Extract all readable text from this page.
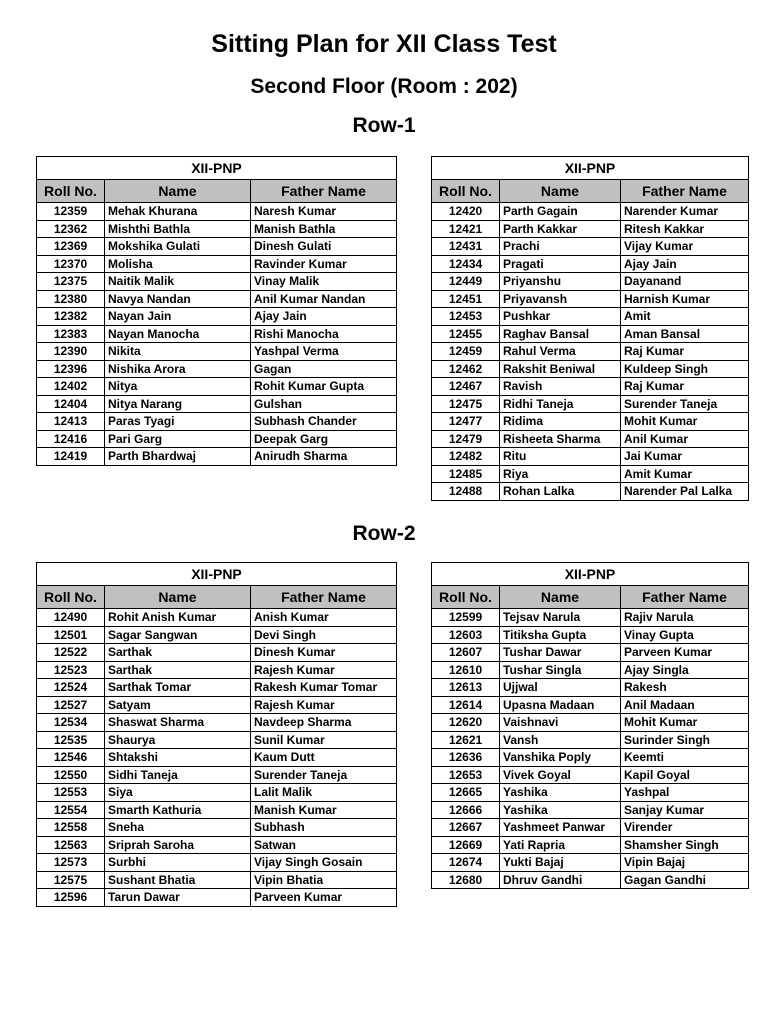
Sitting Plan for XII Class Test
Second Floor (Room : 202)
Row-1
Row-2
XII-PNP		
Roll No.	Name	Father Name
12359	Mehak Khurana	Naresh Kumar
12362	Mishthi Bathla	Manish Bathla
12369	Mokshika Gulati	Dinesh Gulati
12370	Molisha	Ravinder Kumar
12375	Naitik Malik	Vinay Malik
12380	Navya Nandan	Anil Kumar Nandan
12382	Nayan Jain	Ajay Jain
12383	Nayan Manocha	Rishi Manocha
12390	Nikita	Yashpal Verma
12396	Nishika Arora	Gagan
12402	Nitya	Rohit Kumar Gupta
12404	Nitya Narang	Gulshan
12413	Paras Tyagi	Subhash Chander
12416	Pari Garg	Deepak Garg
12419	Parth Bhardwaj	Anirudh Sharma
XII-PNP		
Roll No.	Name	Father Name
12420	Parth Gagain	Narender Kumar
12421	Parth Kakkar	Ritesh Kakkar
12431	Prachi	Vijay Kumar
12434	Pragati	Ajay Jain
12449	Priyanshu	Dayanand
12451	Priyavansh	Harnish Kumar
12453	Pushkar	Amit
12455	Raghav Bansal	Aman Bansal
12459	Rahul Verma	Raj Kumar
12462	Rakshit Beniwal	Kuldeep Singh
12467	Ravish	Raj Kumar
12475	Ridhi Taneja	Surender Taneja
12477	Ridima	Mohit Kumar
12479	Risheeta Sharma	Anil Kumar
12482	Ritu	Jai Kumar
12485	Riya	Amit Kumar
12488	Rohan Lalka	Narender Pal Lalka
XII-PNP		
Roll No.	Name	Father Name
12490	Rohit Anish Kumar	Anish Kumar
12501	Sagar Sangwan	Devi Singh
12522	Sarthak	Dinesh Kumar
12523	Sarthak	Rajesh Kumar
12524	Sarthak Tomar	Rakesh Kumar Tomar
12527	Satyam	Rajesh Kumar
12534	Shaswat Sharma	Navdeep Sharma
12535	Shaurya	Sunil Kumar
12546	Shtakshi	Kaum Dutt
12550	Sidhi Taneja	Surender Taneja
12553	Siya	Lalit Malik
12554	Smarth Kathuria	Manish Kumar
12558	Sneha	Subhash
12563	Sriprah Saroha	Satwan
12573	Surbhi	Vijay Singh Gosain
12575	Sushant Bhatia	Vipin Bhatia
12596	Tarun Dawar	Parveen Kumar
XII-PNP		
Roll No.	Name	Father Name
12599	Tejsav Narula	Rajiv Narula
12603	Titiksha Gupta	Vinay Gupta
12607	Tushar Dawar	Parveen Kumar
12610	Tushar Singla	Ajay Singla
12613	Ujjwal	Rakesh
12614	Upasna Madaan	Anil Madaan
12620	Vaishnavi	Mohit Kumar
12621	Vansh	Surinder Singh
12636	Vanshika Poply	Keemti
12653	Vivek Goyal	Kapil Goyal
12665	Yashika	Yashpal
12666	Yashika	Sanjay Kumar
12667	Yashmeet Panwar	Virender
12669	Yati Rapria	Shamsher Singh
12674	Yukti Bajaj	Vipin Bajaj
12680	Dhruv Gandhi	Gagan Gandhi
